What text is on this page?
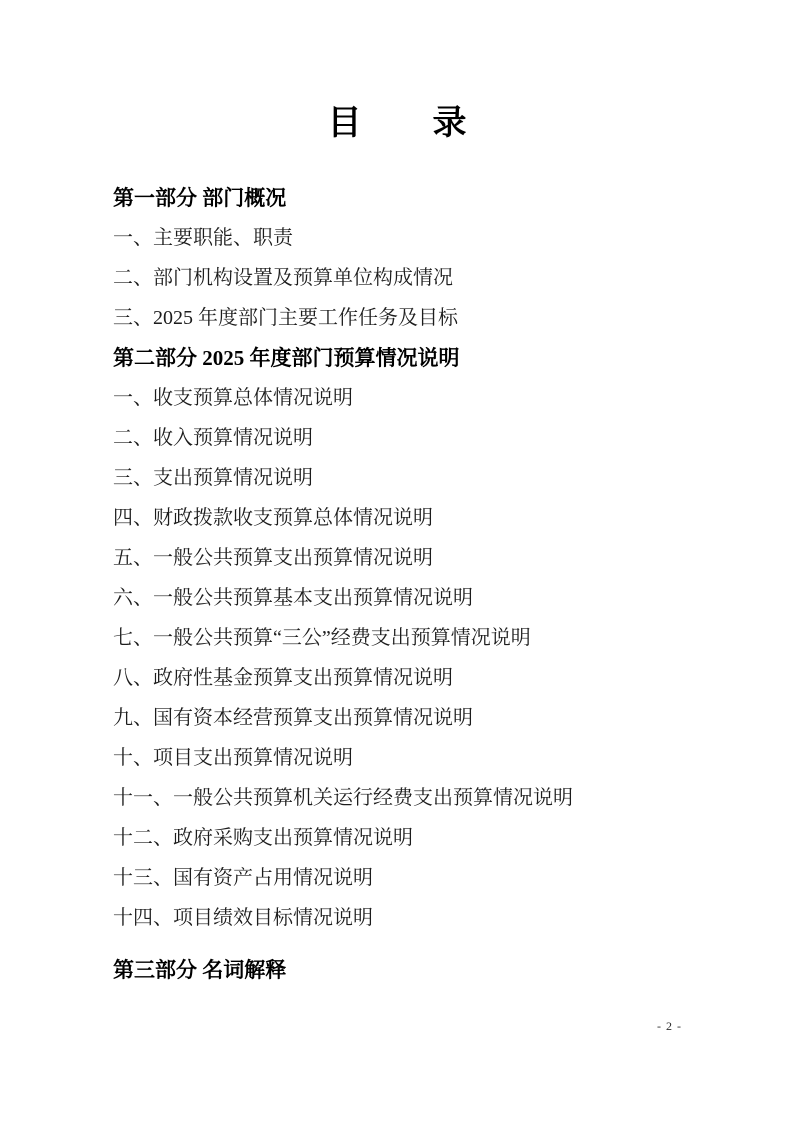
目　　录
第一部分 部门概况
一、主要职能、职责
二、部门机构设置及预算单位构成情况
三、2025 年度部门主要工作任务及目标
第二部分 2025 年度部门预算情况说明
一、收支预算总体情况说明
二、收入预算情况说明
三、支出预算情况说明
四、财政拨款收支预算总体情况说明
五、一般公共预算支出预算情况说明
六、一般公共预算基本支出预算情况说明
七、一般公共预算“三公”经费支出预算情况说明
八、政府性基金预算支出预算情况说明
九、国有资本经营预算支出预算情况说明
十、项目支出预算情况说明
十一、一般公共预算机关运行经费支出预算情况说明
十二、政府采购支出预算情况说明
十三、国有资产占用情况说明
十四、项目绩效目标情况说明
第三部分 名词解释
- 2 -
